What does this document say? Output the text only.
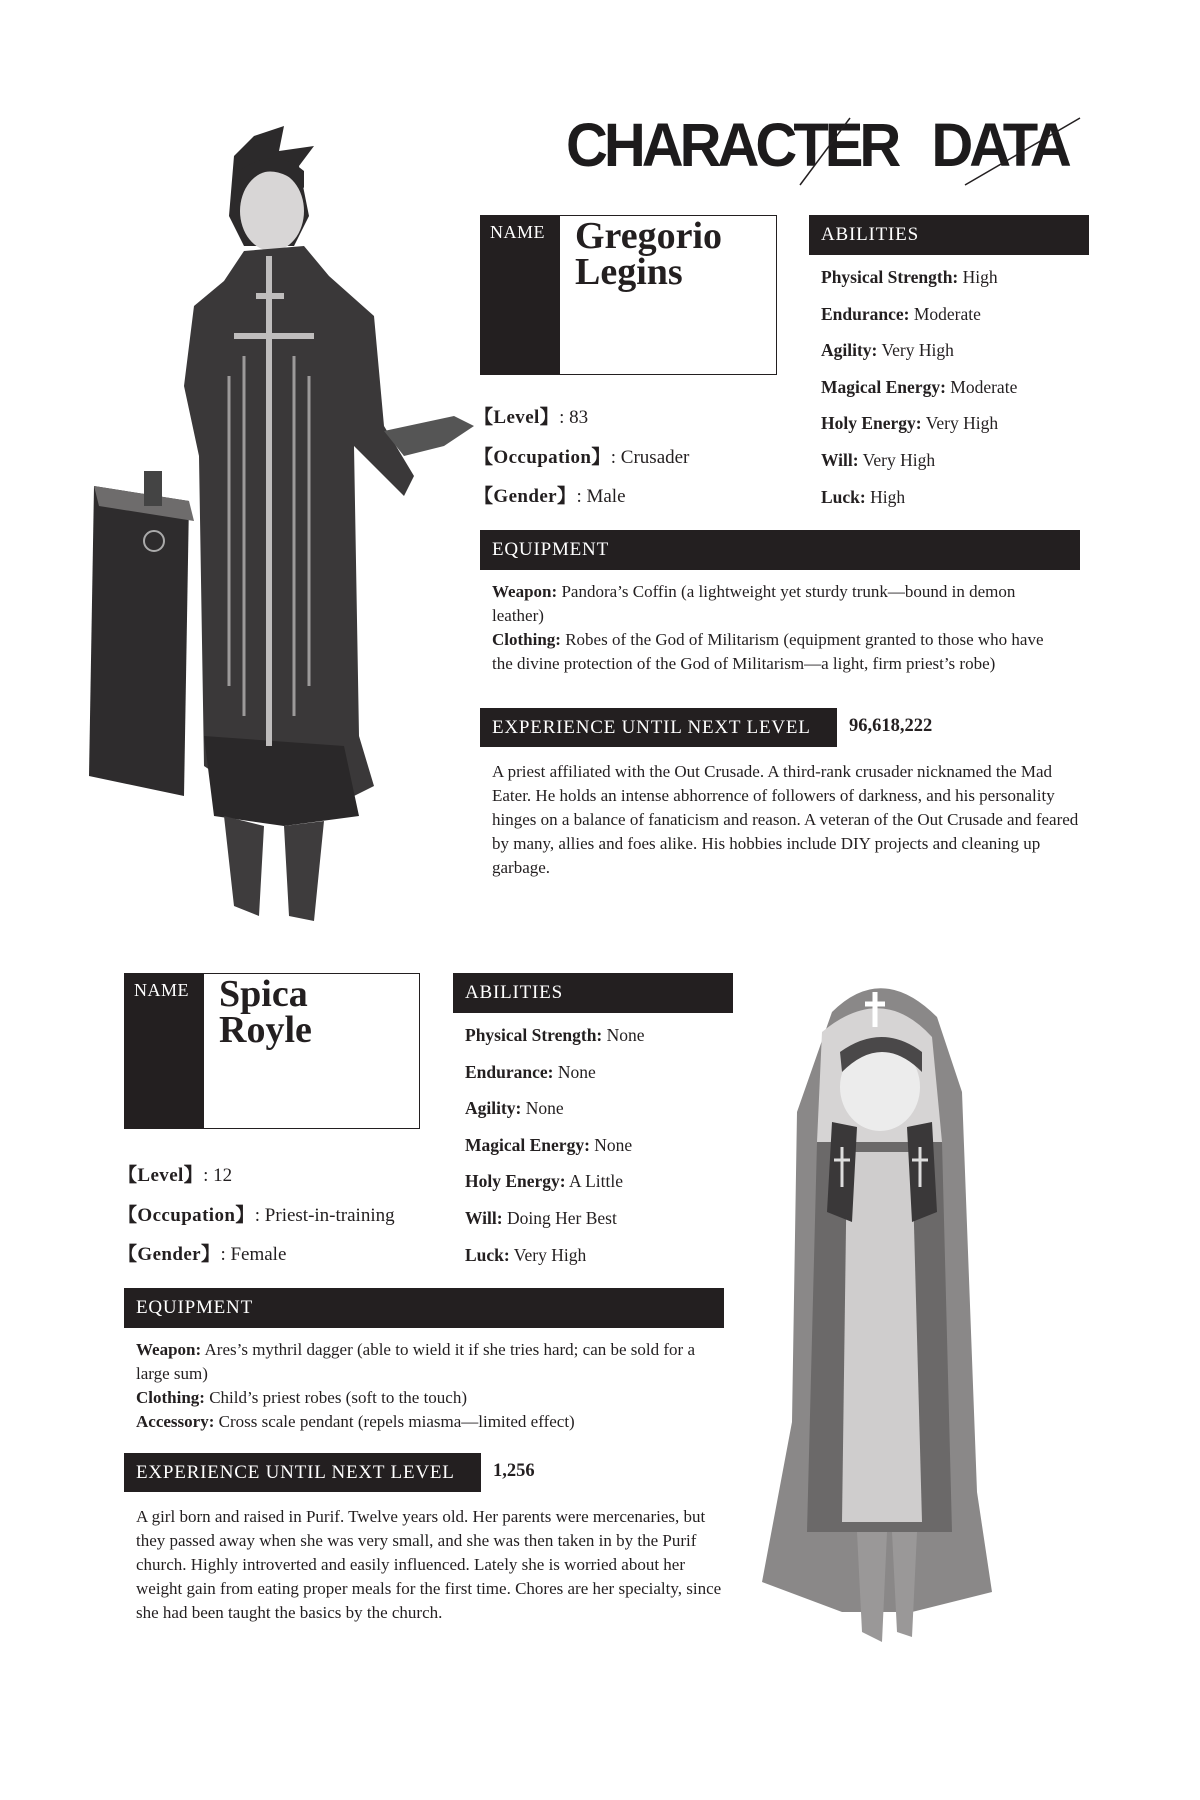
CHARACTER DATA
NAME Gregorio
Legins
ABILITIES
Physical Strength: High
Endurance: Moderate
Agility: Very High
Magical Energy: Moderate
Holy Energy: Very High
Will: Very High
Luck: High
【Level】: 83
【Occupation】: Crusader
【Gender】: Male
EQUIPMENT
Weapon: Pandora’s Coffin (a lightweight yet sturdy trunk—bound in demon leather)
Clothing: Robes of the God of Militarism (equipment granted to those who have the divine protection of the God of Militarism—a light, firm priest’s robe)
EXPERIENCE UNTIL NEXT LEVEL 96,618,222
A priest affiliated with the Out Crusade. A third-rank crusader nicknamed the Mad Eater. He holds an intense abhorrence of followers of darkness, and his personality hinges on a balance of fanaticism and reason. A veteran of the Out Crusade and feared by many, allies and foes alike. His hobbies include DIY projects and cleaning up garbage.
NAME Spica
Royle
ABILITIES
Physical Strength: None
Endurance: None
Agility: None
Magical Energy: None
Holy Energy: A Little
Will: Doing Her Best
Luck: Very High
【Level】: 12
【Occupation】: Priest-in-training
【Gender】: Female
EQUIPMENT
Weapon: Ares’s mythril dagger (able to wield it if she tries hard; can be sold for a large sum)
Clothing: Child’s priest robes (soft to the touch)
Accessory: Cross scale pendant (repels miasma—limited effect)
EXPERIENCE UNTIL NEXT LEVEL 1,256
A girl born and raised in Purif. Twelve years old. Her parents were mercenaries, but they passed away when she was very small, and she was then taken in by the Purif church. Highly introverted and easily influenced. Lately she is worried about her weight gain from eating proper meals for the first time. Chores are her specialty, since she had been taught the basics by the church.
